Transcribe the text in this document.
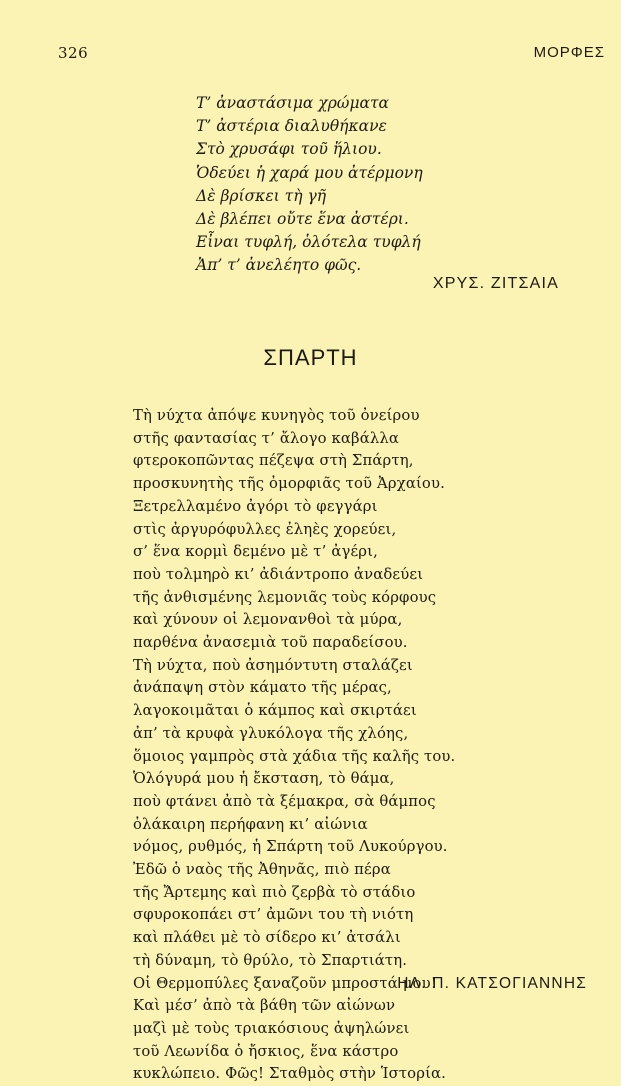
326	ΜΟΡΦΕΣ
Τ’ ἀναστάσιμα χρώματα
Τ’ ἀστέρια διαλυθήκανε
Στὸ χρυσάφι τοῦ ἥλιου.
Ὁδεύει ἡ χαρά μου ἀτέρμονη
Δὲ βρίσκει τὴ γῆ
Δὲ βλέπει οὔτε ἕνα ἀστέρι.
Εἶναι τυφλή, ὁλότελα τυφλή
Ἀπ’ τ’ ἀνελέητο φῶς.
ΧΡΥΣ. ΖΙΤΣΑΙΑ
ΣΠΑΡΤΗ
Τὴ νύχτα ἀπόψε κυνηγὸς τοῦ ὀνείρου
στῆς φαντασίας τ’ ἄλογο καβάλλα
φτεροκοπῶντας πέζεψα στὴ Σπάρτη,
προσκυνητὴς τῆς ὀμορφιᾶς τοῦ Ἀρχαίου.
Ξετρελλαμένο ἀγόρι τὸ φεγγάρι
στὶς ἀργυρόφυλλες ἐληὲς χορεύει,
σ’ ἕνα κορμὶ δεμένο μὲ τ’ ἀγέρι,
ποὺ τολμηρὸ κι’ ἀδιάντροπο ἀναδεύει
τῆς ἀνθισμένης λεμονιᾶς τοὺς κόρφους
καὶ χύνουν οἱ λεμονανθοὶ τὰ μύρα,
παρθένα ἀνασεμιὰ τοῦ παραδείσου.
Τὴ νύχτα, ποὺ ἀσημόντυτη σταλάζει
ἀνάπαψη στὸν κάματο τῆς μέρας,
λαγοκοιμᾶται ὁ κάμπος καὶ σκιρτάει
ἀπ’ τὰ κρυφὰ γλυκόλογα τῆς χλόης,
ὅμοιος γαμπρὸς στὰ χάδια τῆς καλῆς του.
Ὁλόγυρά μου ἡ ἔκσταση, τὸ θάμα,
ποὺ φτάνει ἀπὸ τὰ ξέμακρα, σὰ θάμπος
ὁλάκαιρη περήφανη κι’ αἰώνια
νόμος, ρυθμός, ἡ Σπάρτη τοῦ Λυκούργου.
Ἐδῶ ὁ ναὸς τῆς Ἀθηνᾶς, πιὸ πέρα
τῆς Ἄρτεμης καὶ πιὸ ζερβὰ τὸ στάδιο
σφυροκοπάει στ’ ἀμῶνι του τὴ νιότη
καὶ πλάθει μὲ τὸ σίδερο κι’ ἀτσάλι
τὴ δύναμη, τὸ θρύλο, τὸ Σπαρτιάτη.
Οἱ Θερμοπύλες ξαναζοῦν μπροστά μου!
Καὶ μέσ’ ἀπὸ τὰ βάθη τῶν αἰώνων
μαζὶ μὲ τοὺς τριακόσιους ἀψηλώνει
τοῦ Λεωνίδα ὁ ἤσκιος, ἕνα κάστρο
κυκλώπειο. Φῶς! Σταθμὸς στὴν Ἱστορία.
ΗΛ. Π. ΚΑΤΣΟΓΙΑΝΝΗΣ
